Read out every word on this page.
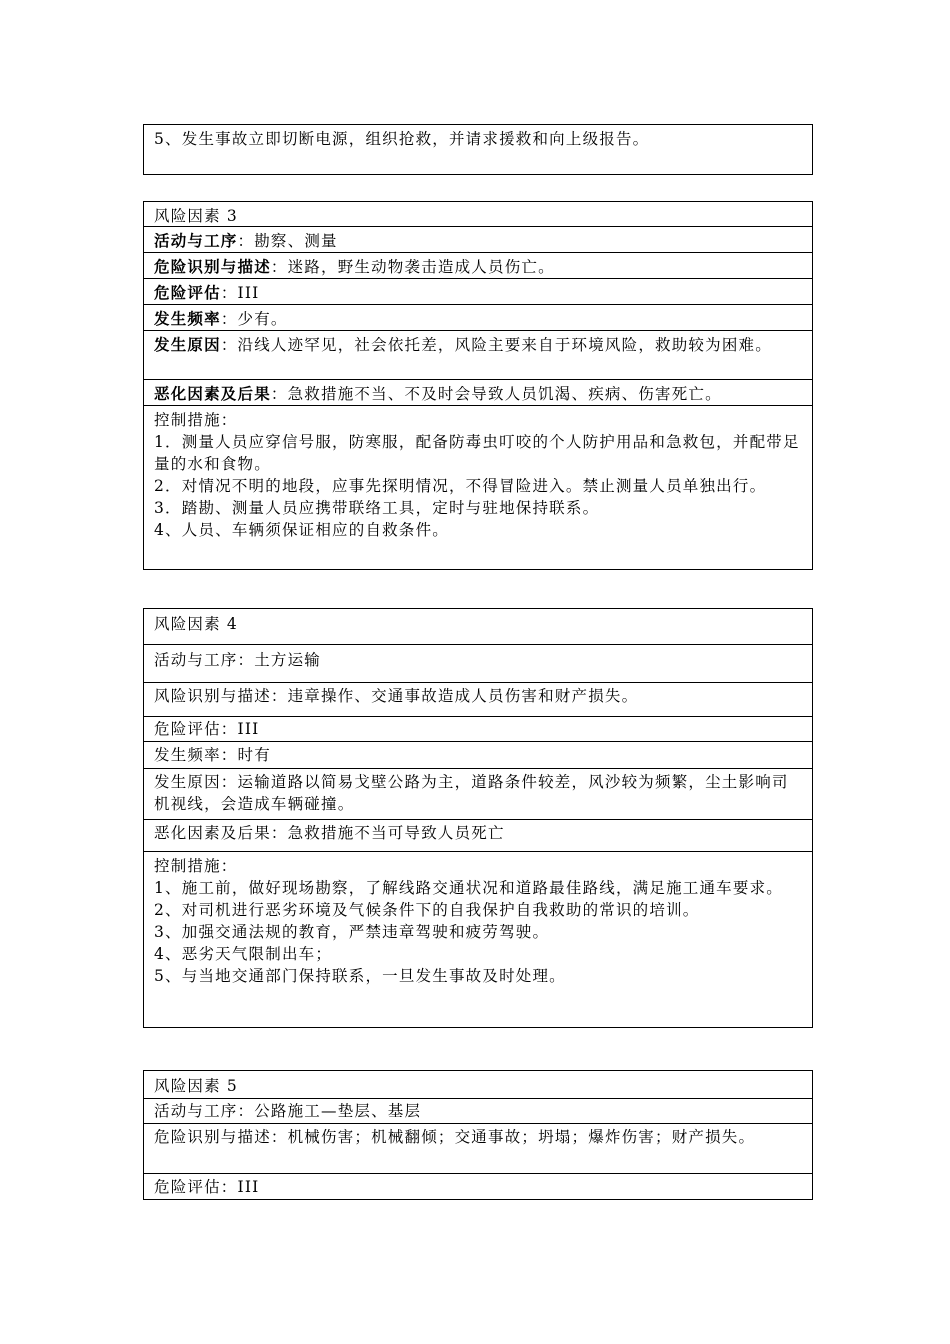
5、发生事故立即切断电源，组织抢救，并请求援救和向上级报告。
风险因素 3
活动与工序：勘察、测量
危险识别与描述：迷路，野生动物袭击造成人员伤亡。
危险评估：III
发生频率：少有。
发生原因：沿线人迹罕见，社会依托差，风险主要来自于环境风险，救助较为困难。
恶化因素及后果：急救措施不当、不及时会导致人员饥渴、疾病、伤害死亡。
控制措施：
1．测量人员应穿信号服，防寒服，配备防毒虫叮咬的个人防护用品和急救包，并配带足量的水和食物。
2．对情况不明的地段，应事先探明情况，不得冒险进入。禁止测量人员单独出行。
3．踏勘、测量人员应携带联络工具，定时与驻地保持联系。
4、人员、车辆须保证相应的自救条件。
风险因素 4
活动与工序：土方运输
风险识别与描述：违章操作、交通事故造成人员伤害和财产损失。
危险评估：III
发生频率：时有
发生原因：运输道路以简易戈壁公路为主，道路条件较差，风沙较为频繁，尘土影响司机视线，会造成车辆碰撞。
恶化因素及后果：急救措施不当可导致人员死亡
控制措施：
1、施工前，做好现场勘察，了解线路交通状况和道路最佳路线，满足施工通车要求。
2、对司机进行恶劣环境及气候条件下的自我保护自我救助的常识的培训。
3、加强交通法规的教育，严禁违章驾驶和疲劳驾驶。
4、恶劣天气限制出车；
5、与当地交通部门保持联系，一旦发生事故及时处理。
风险因素 5
活动与工序：公路施工—垫层、基层
危险识别与描述：机械伤害；机械翻倾；交通事故；坍塌；爆炸伤害；财产损失。
危险评估：III
